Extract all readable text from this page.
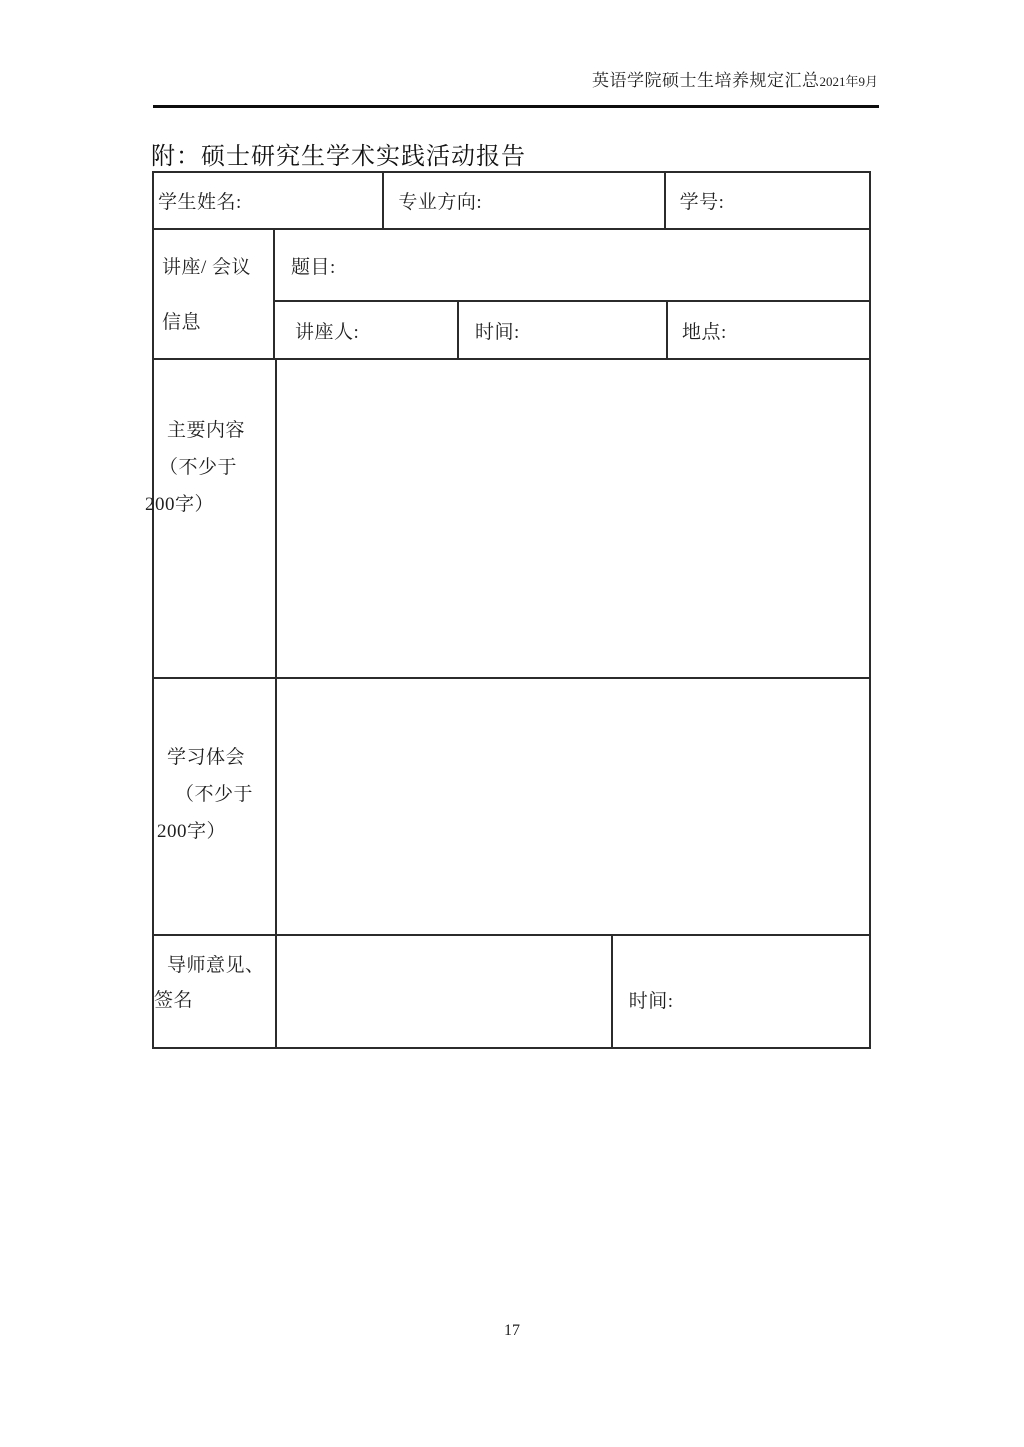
英语学院硕士生培养规定汇总2021年9月
附：硕士研究生学术实践活动报告
学生姓名:	专业方向:	学号:
讲座/ 会议
信息
题目:
讲座人:	时间:	地点:
主要内容
（不少于
200字）
学习体会
（不少于
200字）
导师意见、
签名	时间:
17
